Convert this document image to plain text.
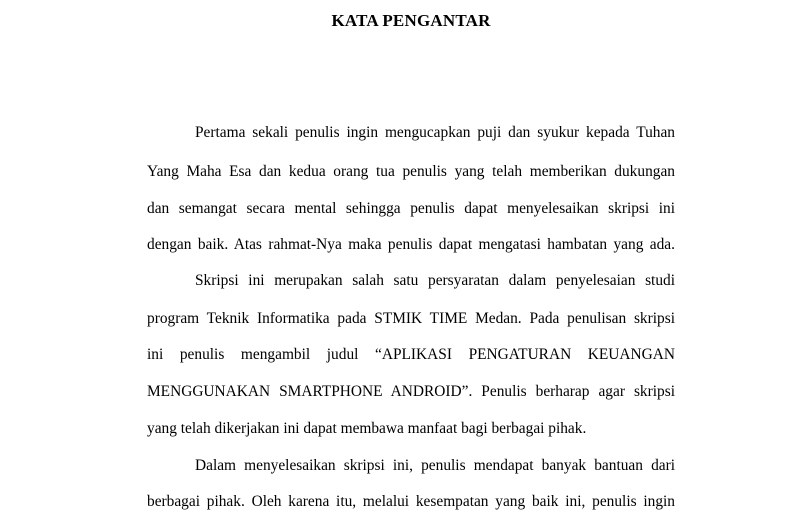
KATA PENGANTAR
Pertama sekali penulis ingin mengucapkan puji dan syukur kepada Tuhan
Yang Maha Esa dan kedua orang tua penulis yang telah memberikan dukungan
dan semangat secara mental sehingga penulis dapat menyelesaikan skripsi ini
dengan baik. Atas rahmat-Nya maka penulis dapat mengatasi hambatan yang ada.
Skripsi ini merupakan salah satu persyaratan dalam penyelesaian studi
program Teknik Informatika pada STMIK TIME Medan. Pada penulisan skripsi
ini penulis mengambil judul “APLIKASI PENGATURAN KEUANGAN
MENGGUNAKAN SMARTPHONE ANDROID”. Penulis berharap agar skripsi
yang telah dikerjakan ini dapat membawa manfaat bagi berbagai pihak.
Dalam menyelesaikan skripsi ini, penulis mendapat banyak bantuan dari
berbagai pihak. Oleh karena itu, melalui kesempatan yang baik ini, penulis ingin
